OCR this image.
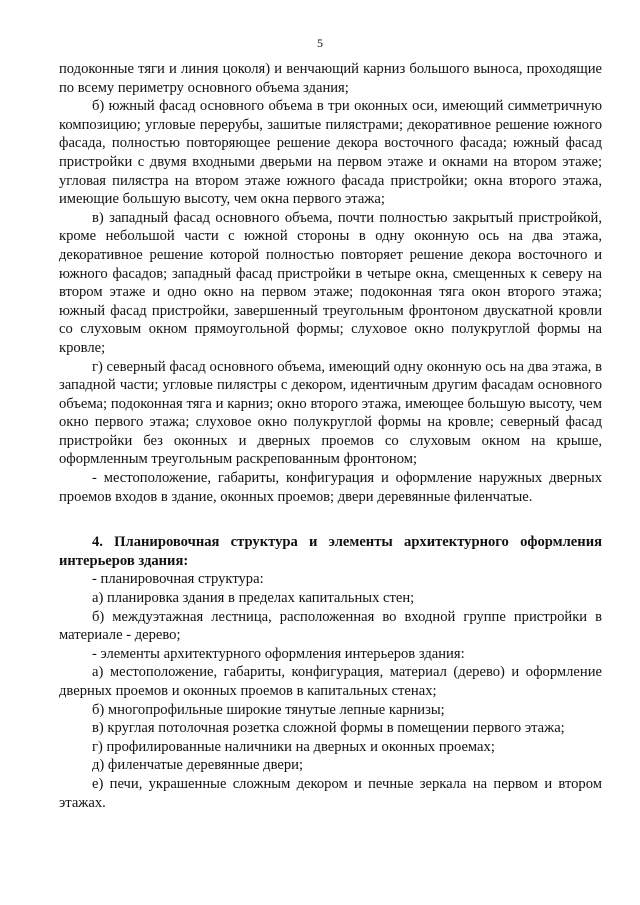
5

подоконные тяги и линия цоколя) и венчающий карниз большого выноса, проходящие по всему периметру основного объема здания;

б) южный фасад основного объема в три оконных оси, имеющий симметричную композицию; угловые перерубы, зашитые пилястрами; декоративное решение южного фасада, полностью повторяющее решение декора восточного фасада; южный фасад пристройки с двумя входными дверьми на первом этаже и окнами на втором этаже; угловая пилястра на втором этаже южного фасада пристройки; окна второго этажа, имеющие большую высоту, чем окна первого этажа;

в) западный фасад основного объема, почти полностью закрытый пристройкой, кроме небольшой части с южной стороны в одну оконную ось на два этажа, декоративное решение которой полностью повторяет решение декора восточного и южного фасадов; западный фасад пристройки в четыре окна, смещенных к северу на втором этаже и одно окно на первом этаже; подоконная тяга окон второго этажа; южный фасад пристройки, завершенный треугольным фронтоном двускатной кровли со слуховым окном прямоугольной формы; слуховое окно полукруглой формы на кровле;

г) северный фасад основного объема, имеющий одну оконную ось на два этажа, в западной части; угловые пилястры с декором, идентичным другим фасадам основного объема; подоконная тяга и карниз; окно второго этажа, имеющее большую высоту, чем окно первого этажа; слуховое окно полукруглой формы на кровле; северный фасад пристройки без оконных и дверных проемов со слуховым окном на крыше, оформленным треугольным раскрепованным фронтоном;

- местоположение, габариты, конфигурация и оформление наружных дверных проемов входов в здание, оконных проемов; двери деревянные филенчатые.

4. Планировочная структура и элементы архитектурного оформления интерьеров здания:

- планировочная структура:

а) планировка здания в пределах капитальных стен;

б) междуэтажная лестница, расположенная во входной группе пристройки в материале - дерево;

- элементы архитектурного оформления интерьеров здания:

а) местоположение, габариты, конфигурация, материал (дерево) и оформление дверных проемов и оконных проемов в капитальных стенах;

б) многопрофильные широкие тянутые лепные карнизы;

в) круглая потолочная розетка сложной формы в помещении первого этажа;

г) профилированные наличники на дверных и оконных проемах;

д) филенчатые деревянные двери;

е) печи, украшенные сложным декором и печные зеркала на первом и втором этажах.
